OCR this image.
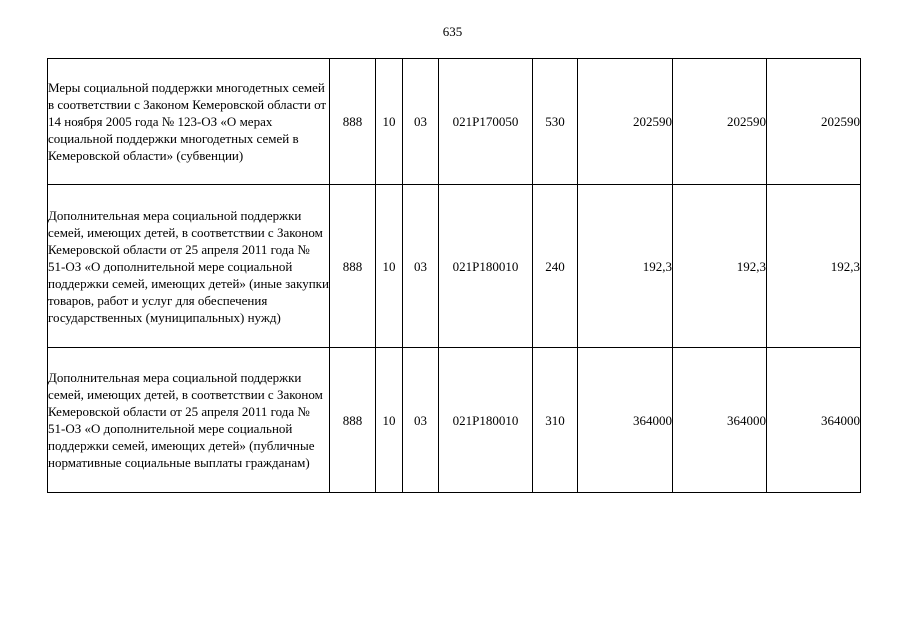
635
Меры социальной поддержки многодетных семей в соответствии с Законом Кемеровской области от 14 ноября 2005 года № 123-ОЗ «О мерах социальной поддержки многодетных семей в Кемеровской области» (субвенции)	888	10	03	021P170050	530	202590	202590	202590
Дополнительная мера социальной поддержки семей, имеющих детей, в соответствии с Законом Кемеровской области от 25 апреля 2011 года № 51-ОЗ «О дополнительной мере социальной поддержки семей, имеющих детей» (иные закупки товаров, работ и услуг для обеспечения государственных (муниципальных) нужд)	888	10	03	021P180010	240	192,3	192,3	192,3
Дополнительная мера социальной поддержки семей, имеющих детей, в соответствии с Законом Кемеровской области от 25 апреля 2011 года № 51-ОЗ «О дополнительной мере социальной поддержки семей, имеющих детей» (публичные нормативные социальные выплаты гражданам)	888	10	03	021P180010	310	364000	364000	364000
